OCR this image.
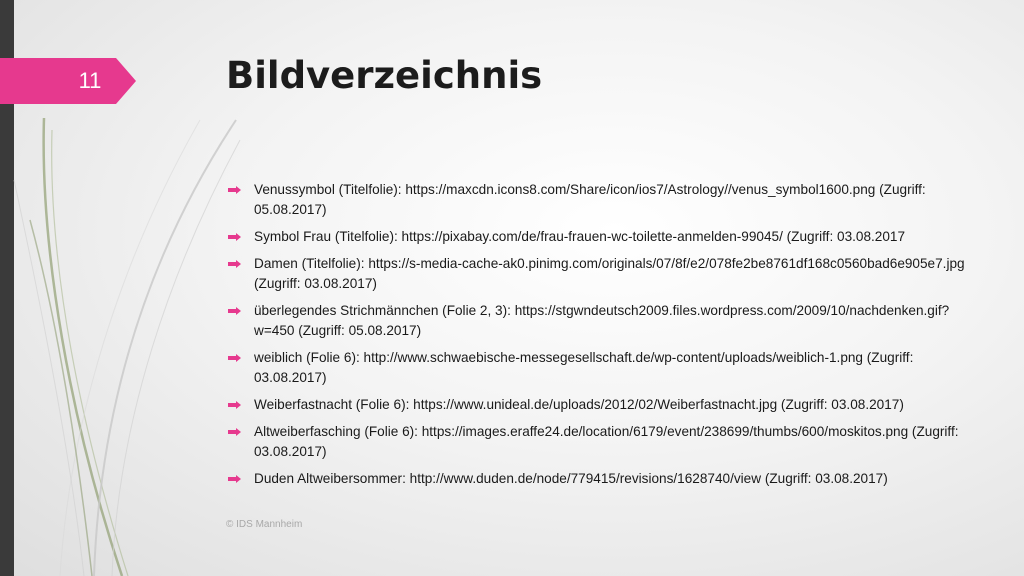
11	Bildverzeichnis
Venussymbol (Titelfolie): https://maxcdn.icons8.com/Share/icon/ios7/Astrology//venus_symbol1600.png (Zugriff: 05.08.2017)
Symbol Frau (Titelfolie): https://pixabay.com/de/frau-frauen-wc-toilette-anmelden-99045/ (Zugriff: 03.08.2017
Damen (Titelfolie): https://s-media-cache-ak0.pinimg.com/originals/07/8f/e2/078fe2be8761df168c0560bad6e905e7.jpg (Zugriff: 03.08.2017)
überlegendes Strichmännchen (Folie 2, 3): https://stgwndeutsch2009.files.wordpress.com/2009/10/nachdenken.gif?w=450 (Zugriff: 05.08.2017)
weiblich (Folie 6): http://www.schwaebische-messegesellschaft.de/wp-content/uploads/weiblich-1.png (Zugriff: 03.08.2017)
Weiberfastnacht (Folie 6): https://www.unideal.de/uploads/2012/02/Weiberfastnacht.jpg (Zugriff: 03.08.2017)
Altweiberfasching (Folie 6): https://images.eraffe24.de/location/6179/event/238699/thumbs/600/moskitos.png (Zugriff: 03.08.2017)
Duden Altweibersommer: http://www.duden.de/node/779415/revisions/1628740/view (Zugriff: 03.08.2017)
© IDS Mannheim
